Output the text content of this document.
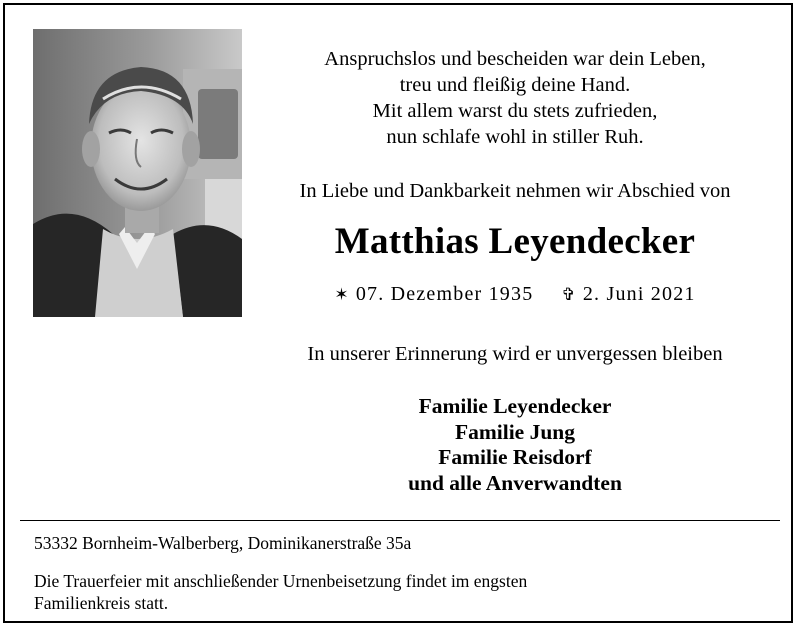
Anspruchslos und bescheiden war dein Leben,
treu und fleißig deine Hand.
Mit allem warst du stets zufrieden,
nun schlafe wohl in stiller Ruh.
In Liebe und Dankbarkeit nehmen wir Abschied von
Matthias Leyendecker
✶ 07. Dezember 1935 ✞ 2. Juni 2021
In unserer Erinnerung wird er unvergessen bleiben
Familie Leyendecker
Familie Jung
Familie Reisdorf
und alle Anverwandten
53332 Bornheim-Walberberg, Dominikanerstraße 35a
Die Trauerfeier mit anschließender Urnenbeisetzung findet im engsten Familienkreis statt.
